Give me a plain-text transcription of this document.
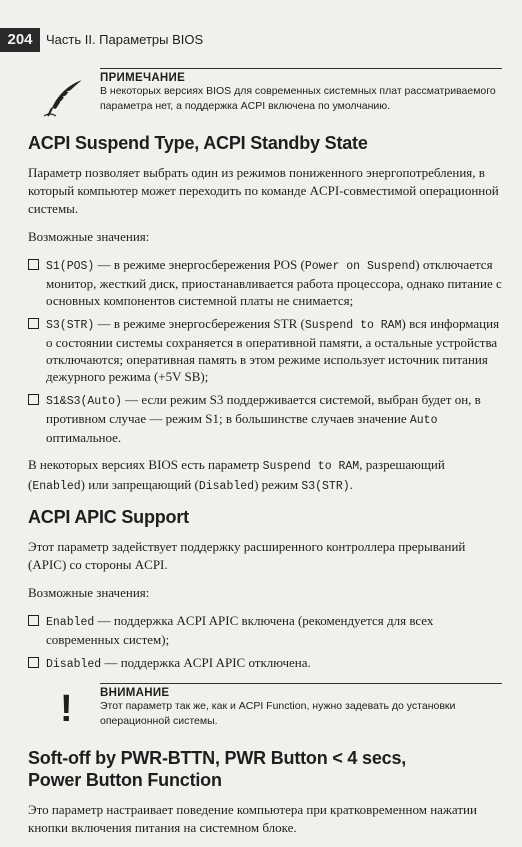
204	Часть II. Параметры BIOS
ПРИМЕЧАНИЕ
В некоторых версиях BIOS для современных системных плат рассматриваемого параметра нет, а поддержка ACPI включена по умолчанию.
ACPI Suspend Type, ACPI Standby State

Параметр позволяет выбрать один из режимов пониженного энергопотребления, в который компьютер может переходить по команде ACPI-совместимой операционной системы.

Возможные значения:

S1(POS) — в режиме энергосбережения POS (Power on Suspend) отключается монитор, жесткий диск, приостанавливается работа процессора, однако питание с основных компонентов системной платы не снимается;
S3(STR) — в режиме энергосбережения STR (Suspend to RAM) вся информация о состоянии системы сохраняется в оперативной памяти, а остальные устройства отключаются; оперативная память в этом режиме использует источник питания дежурного режима (+5V SB);
S1&S3(Auto) — если режим S3 поддерживается системой, выбран будет он, в противном случае — режим S1; в большинстве случаев значение Auto оптимальное.

В некоторых версиях BIOS есть параметр Suspend to RAM, разрешающий (Enabled) или запрещающий (Disabled) режим S3(STR).

ACPI APIC Support

Этот параметр задействует поддержку расширенного контроллера прерываний (APIC) со стороны ACPI.

Возможные значения:

Enabled — поддержка ACPI APIC включена (рекомендуется для всех современных систем);
Disabled — поддержка ACPI APIC отключена.
! ВНИМАНИЕ
Этот параметр так же, как и ACPI Function, нужно задевать до установки операционной системы.
Soft-off by PWR-BTTN, PWR Button < 4 secs,
Power Button Function

Это параметр настраивает поведение компьютера при кратковременном нажатии кнопки включения питания на системном блоке.
